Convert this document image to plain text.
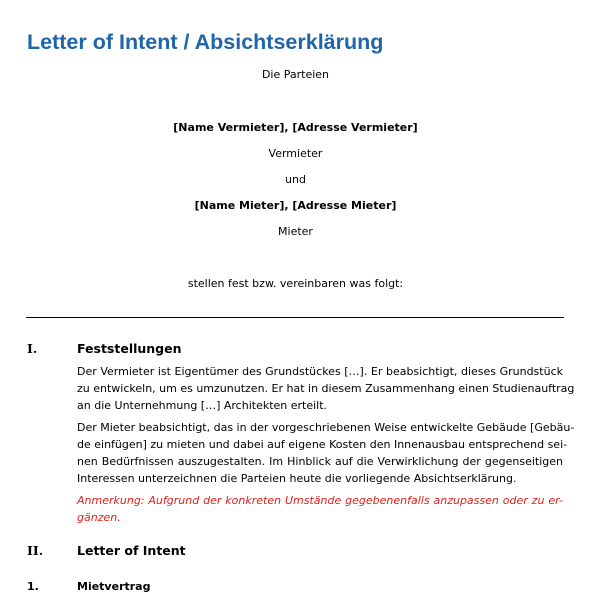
Letter of Intent / Absichtserklärung
Die Parteien
[Name Vermieter], [Adresse Vermieter]
Vermieter
und
[Name Mieter], [Adresse Mieter]
Mieter
stellen fest bzw. vereinbaren was folgt:
I.	Feststellungen
Der Vermieter ist Eigentümer des Grundstückes […]. Er beabsichtigt, dieses Grundstück
zu entwickeln, um es umzunutzen. Er hat in diesem Zusammenhang einen Studienauftrag
an die Unternehmung […] Architekten erteilt.
Der Mieter beabsichtigt, das in der vorgeschriebenen Weise entwickelte Gebäude [Gebäu-
de einfügen] zu mieten und dabei auf eigene Kosten den Innenausbau entsprechend sei-
nen Bedürfnissen auszugestalten. Im Hinblick auf die Verwirklichung der gegenseitigen
Interessen unterzeichnen die Parteien heute die vorliegende Absichtserklärung.
Anmerkung: Aufgrund der konkreten Umstände gegebenenfalls anzupassen oder zu er-
gänzen.
II.	Letter of Intent
1.	Mietvertrag
